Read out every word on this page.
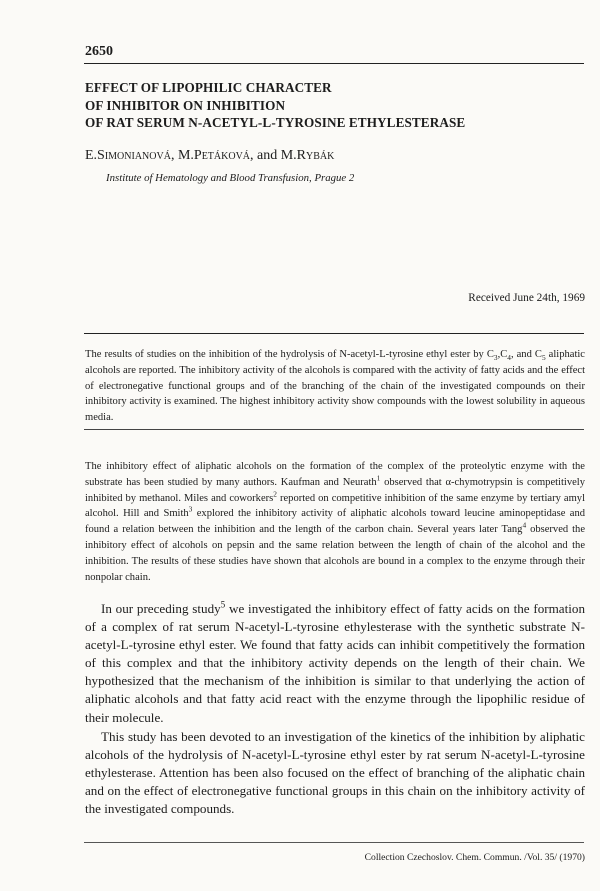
2650
EFFECT OF LIPOPHILIC CHARACTER
OF INHIBITOR ON INHIBITION
OF RAT SERUM N-ACETYL-L-TYROSINE ETHYLESTERASE
E.Simonianová, M.Petáková, and M.Rybák
Institute of Hematology and Blood Transfusion, Prague 2
Received June 24th, 1969
The results of studies on the inhibition of the hydrolysis of N-acetyl-L-tyrosine ethyl ester by $C_3,C_4$, and $C_5$ aliphatic alcohols are reported. The inhibitory activity of the alcohols is compared with the activity of fatty acids and the effect of electronegative functional groups and of the branching of the chain of the investigated compounds on their inhibitory activity is examined. The highest inhibitory activity show compounds with the lowest solubility in aqueous media.
The inhibitory effect of aliphatic alcohols on the formation of the complex of the proteolytic enzyme with the substrate has been studied by many authors. Kaufman and Neurath$^1$ observed that α-chymotrypsin is competitively inhibited by methanol. Miles and coworkers$^2$ reported on competitive inhibition of the same enzyme by tertiary amyl alcohol. Hill and Smith$^3$ explored the inhibitory activity of aliphatic alcohols toward leucine aminopeptidase and found a relation between the inhibition and the length of the carbon chain. Several years later Tang$^4$ observed the inhibitory effect of alcohols on pepsin and the same relation between the length of chain of the alcohol and the inhibition. The results of these studies have shown that alcohols are bound in a complex to the enzyme through their nonpolar chain.
In our preceding study$^5$ we investigated the inhibitory effect of fatty acids on the formation of a complex of rat serum N-acetyl-L-tyrosine ethylesterase with the synthetic substrate N-acetyl-L-tyrosine ethyl ester. We found that fatty acids can inhibit competitively the formation of this complex and that the inhibitory activity depends on the length of their chain. We hypothesized that the mechanism of the inhibition is similar to that underlying the action of aliphatic alcohols and that fatty acid react with the enzyme through the lipophilic residue of their molecule.
This study has been devoted to an investigation of the kinetics of the inhibition by aliphatic alcohols of the hydrolysis of N-acetyl-L-tyrosine ethyl ester by rat serum N-acetyl-L-tyrosine ethylesterase. Attention has been also focused on the effect of branching of the aliphatic chain and on the effect of electronegative functional groups in this chain on the inhibitory activity of the investigated compounds.
Collection Czechoslov. Chem. Commun. /Vol. 35/ (1970)
